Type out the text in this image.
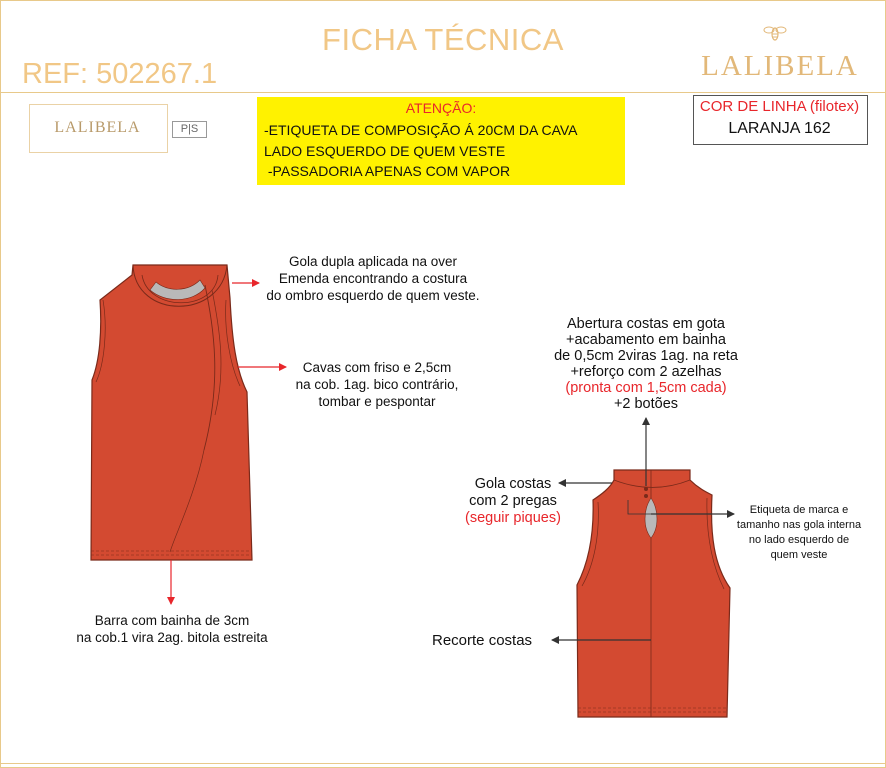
FICHA TÉCNICA
REF: 502267.1	LALIBELA
LALIBELA	P|S
ATENÇÃO:
-ETIQUETA DE COMPOSIÇÃO Á 20CM DA CAVA
LADO ESQUERDO DE QUEM VESTE
-PASSADORIA APENAS COM VAPOR
COR DE LINHA (filotex)
LARANJA 162
Gola dupla aplicada na over
Emenda encontrando a costura
do ombro esquerdo de quem veste.
Cavas com friso e 2,5cm
na cob. 1ag. bico contrário,
tombar e pespontar
Barra com bainha de 3cm
na cob.1 vira 2ag. bitola estreita
Abertura costas em gota
+acabamento em bainha
de 0,5cm 2viras 1ag. na reta
+reforço com 2 azelhas
(pronta com 1,5cm cada)
+2 botões
Gola costas
com 2 pregas
(seguir piques)	Etiqueta de marca e
tamanho nas gola interna
no lado esquerdo de
quem veste
Recorte costas
